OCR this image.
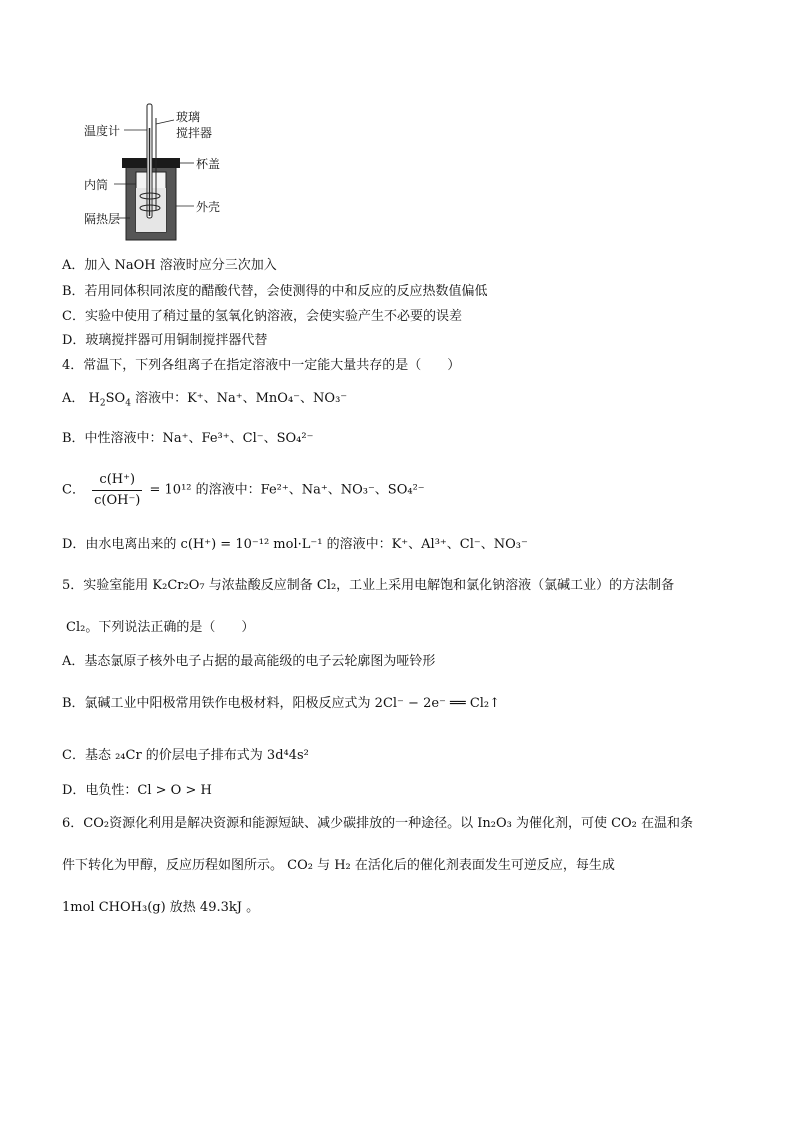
温度计
玻璃
搅拌器
杯盖
内筒
外壳
隔热层
A．加入 NaOH 溶液时应分三次加入
B．若用同体积同浓度的醋酸代替，会使测得的中和反应的反应热数值偏低
C．实验中使用了稍过量的氢氧化钠溶液，会使实验产生不必要的误差
D．玻璃搅拌器可用铜制搅拌器代替
4．常温下，下列各组离子在指定溶液中一定能大量共存的是（　　）
A． $H_2SO_4$ 溶液中：K⁺、Na⁺、MnO₄⁻、NO₃⁻
B．中性溶液中：Na⁺、Fe³⁺、Cl⁻、SO₄²⁻
C． $\frac{c(H^+)}{c(OH^-)} = 10^{12}$ 的溶液中：Fe²⁺、Na⁺、NO₃⁻、SO₄²⁻
D．由水电离出来的 c(H⁺) = 10⁻¹² mol·L⁻¹ 的溶液中：K⁺、Al³⁺、Cl⁻、NO₃⁻
5．实验室能用 K₂Cr₂O₇ 与浓盐酸反应制备 Cl₂，工业上采用电解饱和氯化钠溶液（氯碱工业）的方法制备
Cl₂。下列说法正确的是（　　）
A．基态氯原子核外电子占据的最高能级的电子云轮廓图为哑铃形
B．氯碱工业中阳极常用铁作电极材料，阳极反应式为 2Cl⁻ − 2e⁻ ══ Cl₂↑
C．基态 ₂₄Cr 的价层电子排布式为 3d⁴4s²
D．电负性：Cl > O > H
6．CO₂资源化利用是解决资源和能源短缺、减少碳排放的一种途径。以 In₂O₃ 为催化剂，可使 CO₂ 在温和条
件下转化为甲醇，反应历程如图所示。 CO₂ 与 H₂ 在活化后的催化剂表面发生可逆反应，每生成
1mol CHOH₃(g) 放热 49.3kJ 。
